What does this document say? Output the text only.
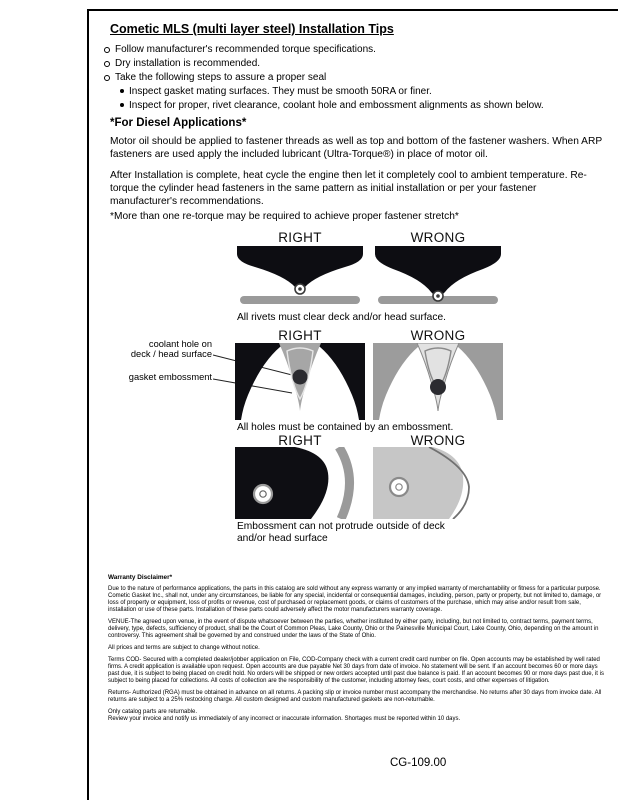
Cometic MLS (multi layer steel) Installation Tips
Follow manufacturer's recommended torque specifications.
Dry installation is recommended.
Take the following steps to assure a proper seal
Inspect gasket mating surfaces. They must be smooth 50RA or finer.
Inspect for proper, rivet clearance, coolant hole and embossment alignments as shown below.
*For Diesel Applications*
Motor oil should be applied to fastener threads as well as top and bottom of the fastener washers. When ARP fasteners are used apply the included lubricant (Ultra-Torque®) in place of motor oil.
After Installation is complete, heat cycle the engine then let it completely cool to ambient temperature. Re-torque the cylinder head fasteners in the same pattern as initial installation or per your fastener manufacturer's recommendations.
*More than one re-torque may be required to achieve proper fastener stretch*
RIGHT	WRONG
All rivets must clear deck and/or head surface.
RIGHT	WRONG
coolant hole on
deck / head surface
gasket embossment
All holes must be contained by an embossment.
RIGHT	WRONG
Embossment can not protrude outside of deck and/or head surface

Warranty Disclaimer*

Due to the nature of performance applications, the parts in this catalog are sold without any express warranty or any implied warranty of merchantability or fitness for a particular purpose. Cometic Gasket Inc., shall not, under any circumstances, be liable for any special, incidental or consequential damages, including, person, party or property, but not limited to, damage, or loss of property or equipment, loss of profits or revenue, cost of purchased or replacement goods, or claims of customers of the purchase, which may arise and/or result from sale, installation or use of these parts. Installation of these parts could adversely affect the motor manufacturers warranty coverage.

VENUE-The agreed upon venue, in the event of dispute whatsoever between the parties, whether instituted by either party, including, but not limited to, contract terms, payment terms, delivery, type, defects, sufficiency of product, shall be the Court of Common Pleas, Lake County, Ohio or the Painesville Municipal Court, Lake County, Ohio, depending on the amount in controversy. This agreement shall be governed by and construed under the laws of the State of Ohio.

All prices and terms are subject to change without notice.

Terms COD- Secured with a completed dealer/jobber application on File, COD-Company check with a current credit card number on file. Open accounts may be established by well rated firms. A credit application is available upon request. Open accounts are due payable Net 30 days from date of invoice. No statement will be sent. If an account becomes 60 or more days past due, it is subject to being placed on credit hold. No orders will be shipped or new orders accepted until past due balance is paid. If an account becomes 90 or more days past due, it is subject to being placed for collections. All costs of collection are the responsibility of the customer, including attorney fees, court costs, and other expenses of litigation.

Returns- Authorized (RGA) must be obtained in advance on all returns. A packing slip or invoice number must accompany the merchandise. No returns after 30 days from invoice date. All returns are subject to a 25% restocking charge. All custom designed and custom manufactured gaskets are non-returnable.

Only catalog parts are returnable.

Review your invoice and notify us immediately of any incorrect or inaccurate information. Shortages must be reported within 10 days.

CG-109.00
